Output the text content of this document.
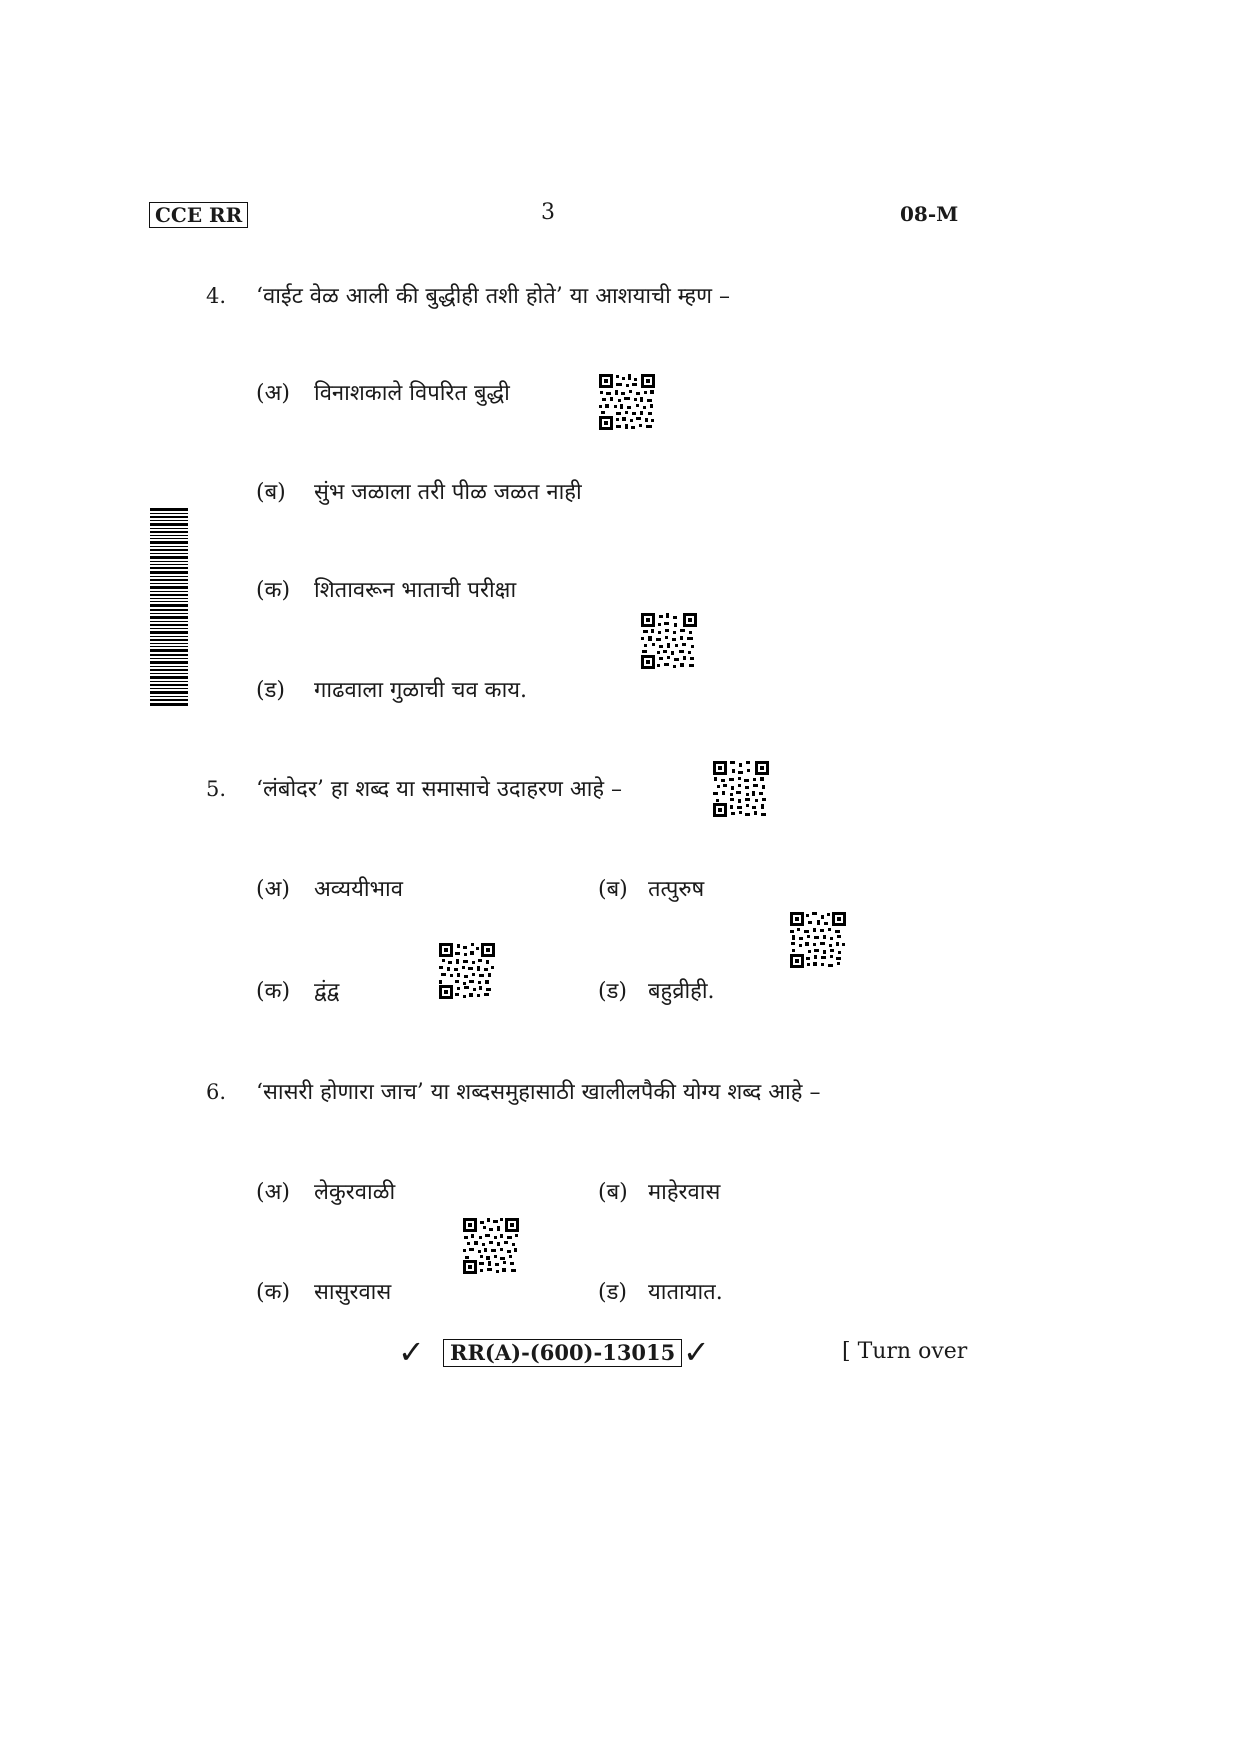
CCE RR	3	08-M
4. ‘वाईट वेळ आली की बुद्धीही तशी होते’ या आशयाची म्हण –
(अ) विनाशकाले विपरित बुद्धी
(ब) सुंभ जळाला तरी पीळ जळत नाही
(क) शितावरून भाताची परीक्षा
(ड) गाढवाला गुळाची चव काय.
5. ‘लंबोदर’ हा शब्द या समासाचे उदाहरण आहे –
(अ) अव्ययीभाव	(ब) तत्पुरुष
(क) द्वंद्व	(ड) बहुव्रीही.
6. ‘सासरी होणारा जाच’ या शब्दसमुहासाठी खालीलपैकी योग्य शब्द आहे –
(अ) लेकुरवाळी	(ब) माहेरवास
(क) सासुरवास	(ड) यातायात.
✓	RR(A)-(600)-13015 ✓	[ Turn over
